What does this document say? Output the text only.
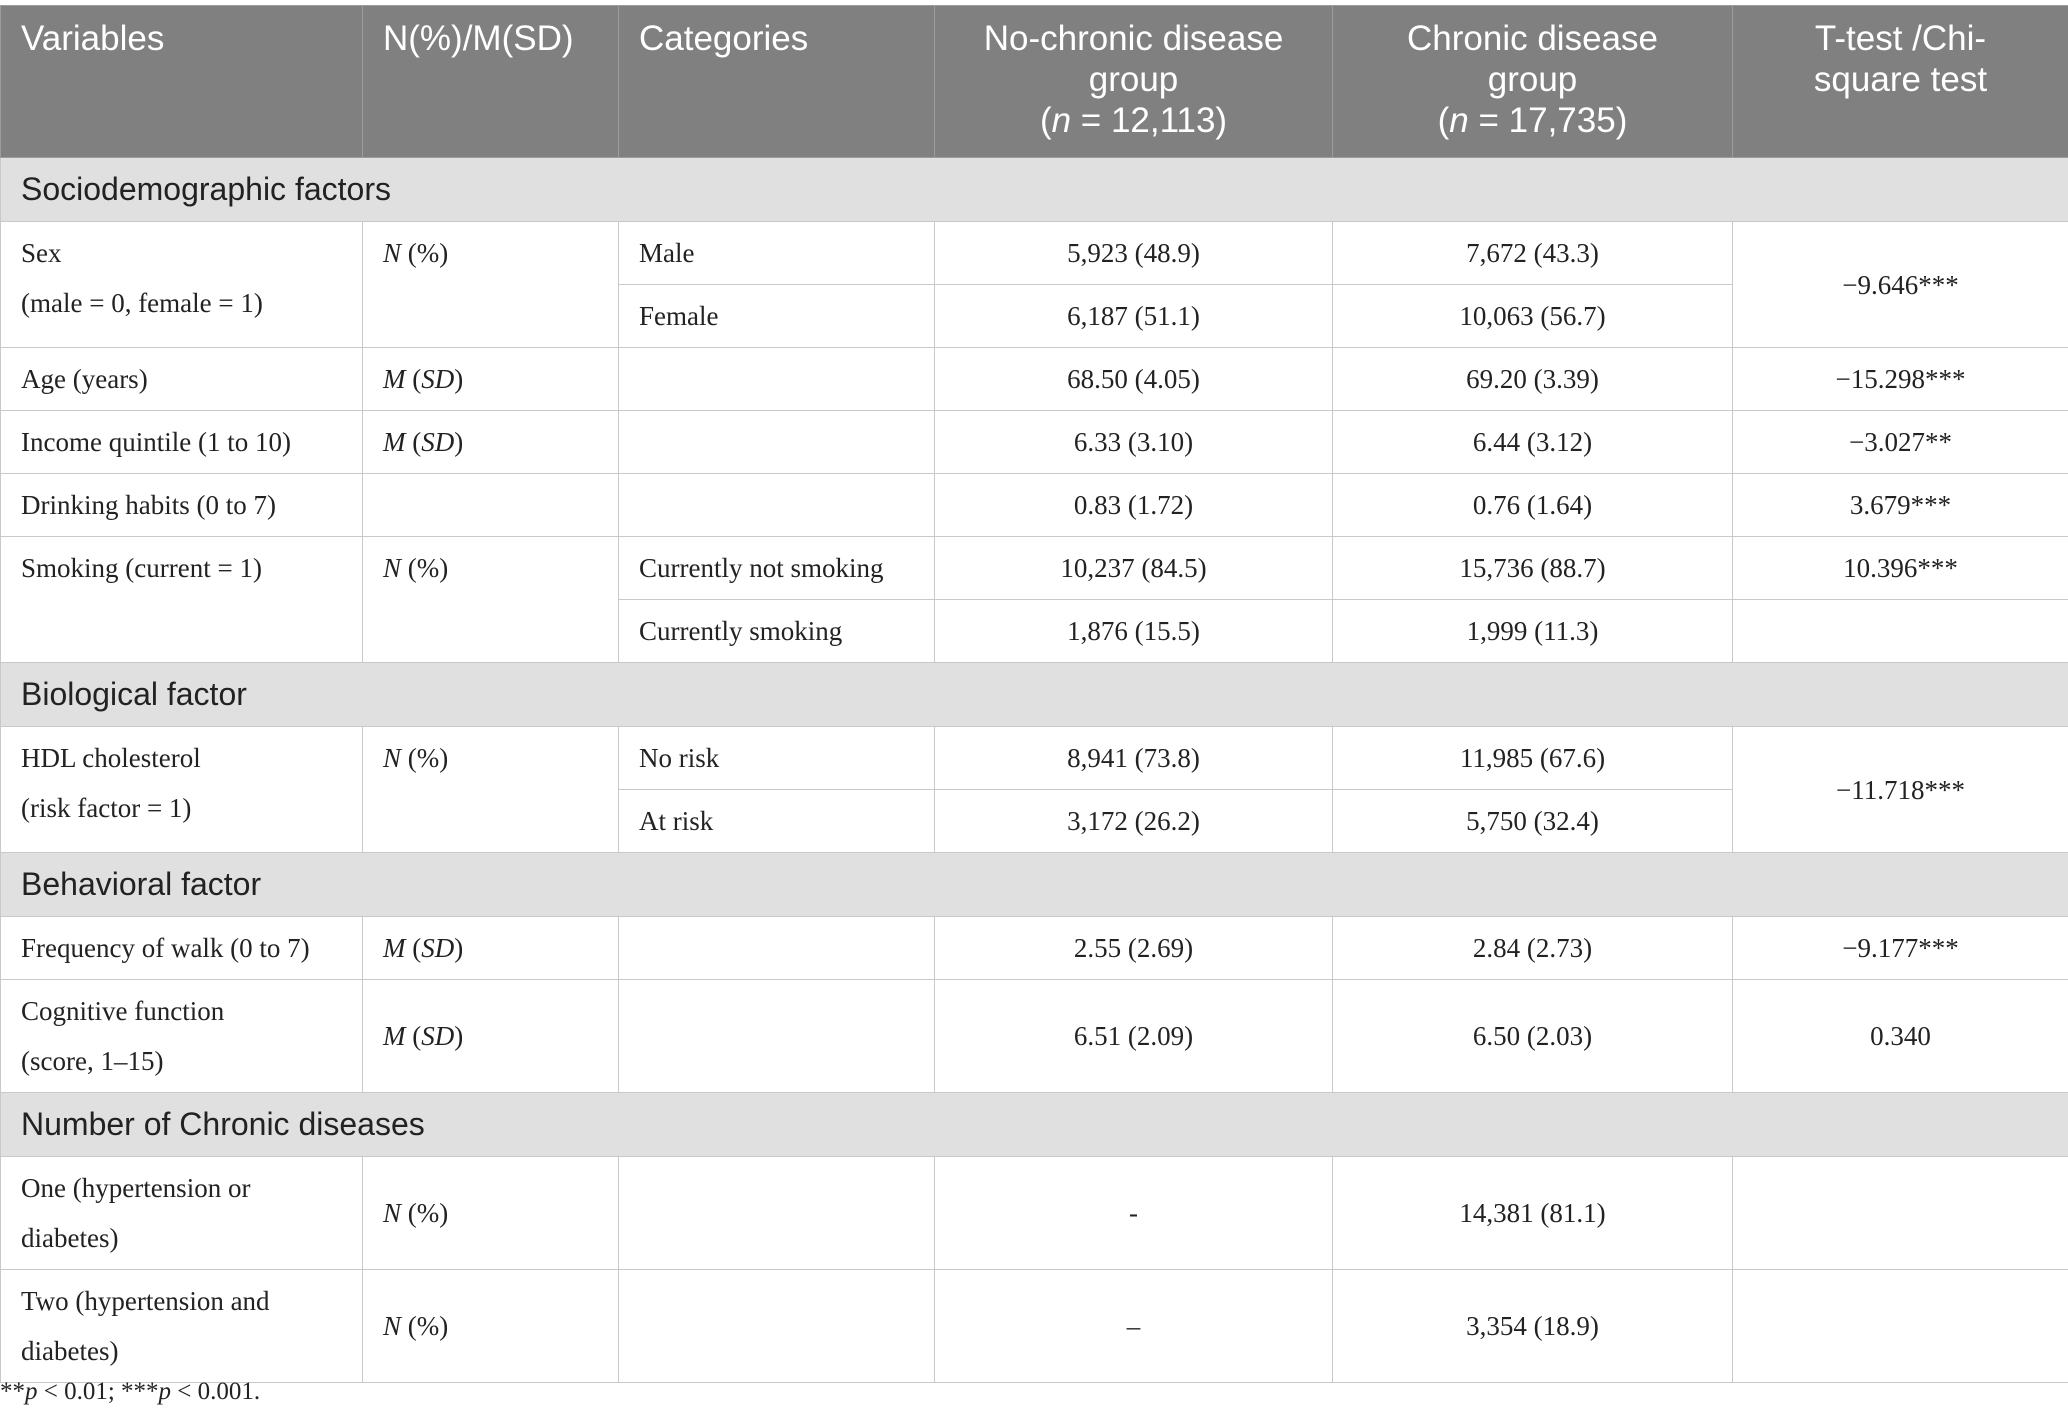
Variables	N(%)/M(SD)	Categories	No-chronic disease
group
(n = 12,113)	Chronic disease
group
(n = 17,735)	T-test /Chi-
square test
Sociodemographic factors					
Sex
(male = 0, female = 1)	N (%)	Male	5,923 (48.9)	7,672 (43.3)	−9.646***
		Female	6,187 (51.1)	10,063 (56.7)	
Age (years)	M (SD)		68.50 (4.05)	69.20 (3.39)	−15.298***
Income quintile (1 to 10)	M (SD)		6.33 (3.10)	6.44 (3.12)	−3.027**
Drinking habits (0 to 7)			0.83 (1.72)	0.76 (1.64)	3.679***
Smoking (current = 1)	N (%)	Currently not smoking	10,237 (84.5)	15,736 (88.7)	10.396***
		Currently smoking	1,876 (15.5)	1,999 (11.3)	
Biological factor					
HDL cholesterol
(risk factor = 1)	N (%)	No risk	8,941 (73.8)	11,985 (67.6)	−11.718***
		At risk	3,172 (26.2)	5,750 (32.4)	
Behavioral factor					
Frequency of walk (0 to 7)	M (SD)		2.55 (2.69)	2.84 (2.73)	−9.177***
Cognitive function
(score, 1–15)	M (SD)		6.51 (2.09)	6.50 (2.03)	0.340
Number of Chronic diseases					
One (hypertension or
diabetes)	N (%)		-	14,381 (81.1)	
Two (hypertension and
diabetes)	N (%)		–	3,354 (18.9)	
**p < 0.01; ***p < 0.001.
